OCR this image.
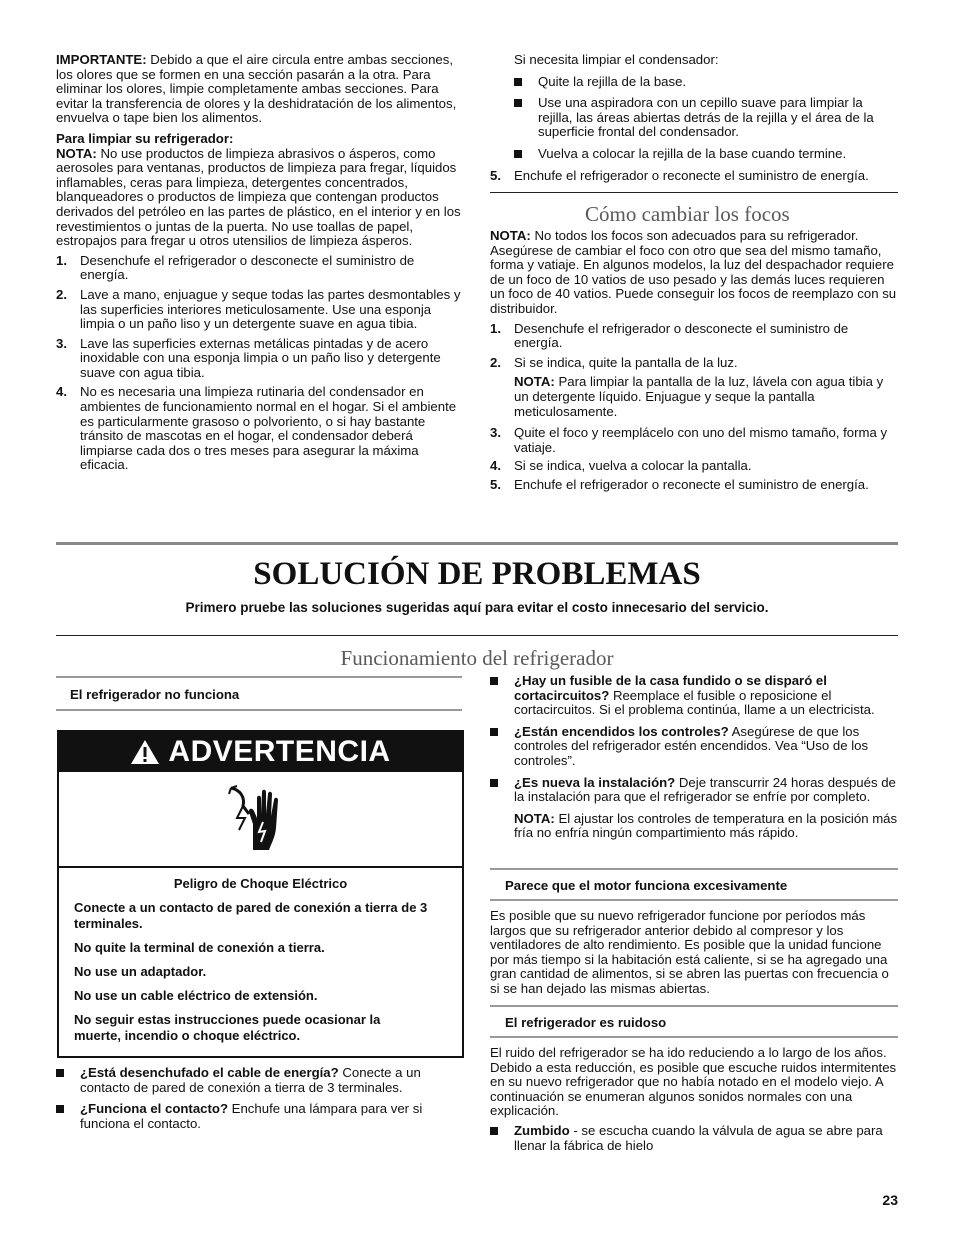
IMPORTANTE: Debido a que el aire circula entre ambas secciones, los olores que se formen en una sección pasarán a la otra. Para eliminar los olores, limpie completamente ambas secciones. Para evitar la transferencia de olores y la deshidratación de los alimentos, envuelva o tape bien los alimentos.

Para limpiar su refrigerador:

NOTA: No use productos de limpieza abrasivos o ásperos, como aerosoles para ventanas, productos de limpieza para fregar, líquidos inflamables, ceras para limpieza, detergentes concentrados, blanqueadores o productos de limpieza que contengan productos derivados del petróleo en las partes de plástico, en el interior y en los revestimientos o juntas de la puerta. No use toallas de papel, estropajos para fregar u otros utensilios de limpieza ásperos.

1. Desenchufe el refrigerador o desconecte el suministro de energía.
2. Lave a mano, enjuague y seque todas las partes desmontables y las superficies interiores meticulosamente. Use una esponja limpia o un paño liso y un detergente suave en agua tibia.
3. Lave las superficies externas metálicas pintadas y de acero inoxidable con una esponja limpia o un paño liso y detergente suave con agua tibia.
4. No es necesaria una limpieza rutinaria del condensador en ambientes de funcionamiento normal en el hogar. Si el ambiente es particularmente grasoso o polvoriento, o si hay bastante tránsito de mascotas en el hogar, el condensador deberá limpiarse cada dos o tres meses para asegurar la máxima eficacia.

Si necesita limpiar el condensador:

Quite la rejilla de la base.
Use una aspiradora con un cepillo suave para limpiar la rejilla, las áreas abiertas detrás de la rejilla y el área de la superficie frontal del condensador.
Vuelva a colocar la rejilla de la base cuando termine.
5. Enchufe el refrigerador o reconecte el suministro de energía.
Cómo cambiar los focos

NOTA: No todos los focos son adecuados para su refrigerador. Asegúrese de cambiar el foco con otro que sea del mismo tamaño, forma y vatiaje. En algunos modelos, la luz del despachador requiere de un foco de 10 vatios de uso pesado y las demás luces requieren un foco de 40 vatios. Puede conseguir los focos de reemplazo con su distribuidor.

1. Desenchufe el refrigerador o desconecte el suministro de energía.
2. Si se indica, quite la pantalla de la luz.

NOTA: Para limpiar la pantalla de la luz, lávela con agua tibia y un detergente líquido. Enjuague y seque la pantalla meticulosamente.

3. Quite el foco y reemplácelo con uno del mismo tamaño, forma y vatiaje.
4. Si se indica, vuelva a colocar la pantalla.
5. Enchufe el refrigerador o reconecte el suministro de energía.
SOLUCIÓN DE PROBLEMAS
Primero pruebe las soluciones sugeridas aquí para evitar el costo innecesario del servicio.
Funcionamiento del refrigerador
El refrigerador no funciona
ADVERTENCIA

Peligro de Choque Eléctrico

Conecte a un contacto de pared de conexión a tierra de 3 terminales.

No quite la terminal de conexión a tierra.

No use un adaptador.

No use un cable eléctrico de extensión.

No seguir estas instrucciones puede ocasionar la muerte, incendio o choque eléctrico.

¿Está desenchufado el cable de energía? Conecte a un contacto de pared de conexión a tierra de 3 terminales.
¿Funciona el contacto? Enchufe una lámpara para ver si funciona el contacto.
¿Hay un fusible de la casa fundido o se disparó el cortacircuitos? Reemplace el fusible o reposicione el cortacircuitos. Si el problema continúa, llame a un electricista.
¿Están encendidos los controles? Asegúrese de que los controles del refrigerador estén encendidos. Vea “Uso de los controles”.
¿Es nueva la instalación? Deje transcurrir 24 horas después de la instalación para que el refrigerador se enfríe por completo.

NOTA: El ajustar los controles de temperatura en la posición más fría no enfría ningún compartimiento más rápido.

Parece que el motor funciona excesivamente

Es posible que su nuevo refrigerador funcione por períodos más largos que su refrigerador anterior debido al compresor y los ventiladores de alto rendimiento. Es posible que la unidad funcione por más tiempo si la habitación está caliente, si se ha agregado una gran cantidad de alimentos, si se abren las puertas con frecuencia o si se han dejado las mismas abiertas.

El refrigerador es ruidoso

El ruido del refrigerador se ha ido reduciendo a lo largo de los años. Debido a esta reducción, es posible que escuche ruidos intermitentes en su nuevo refrigerador que no había notado en el modelo viejo. A continuación se enumeran algunos sonidos normales con una explicación.

Zumbido - se escucha cuando la válvula de agua se abre para llenar la fábrica de hielo
23
